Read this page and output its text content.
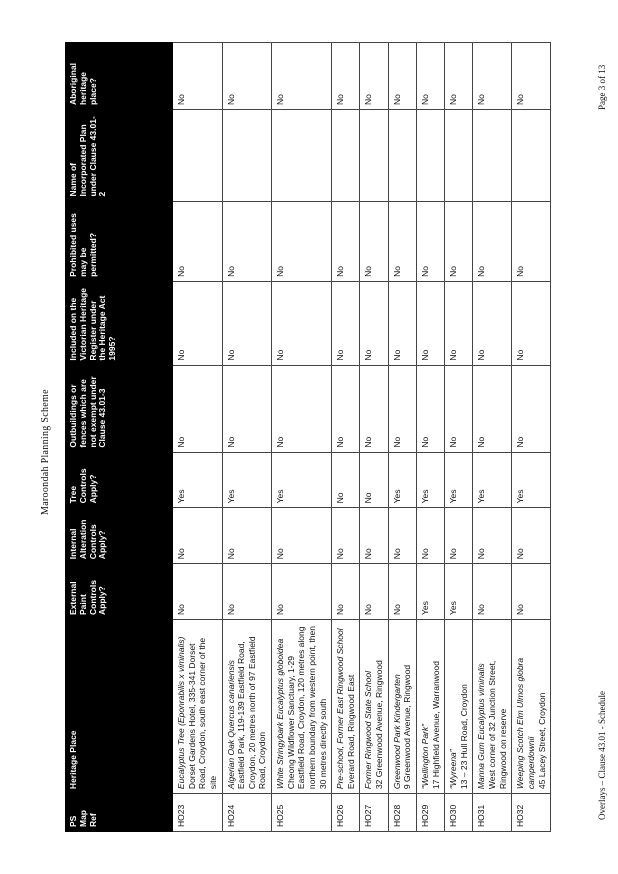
Maroondah Planning Scheme
PS Map Ref	Heritage Place	External Paint Controls Apply?	Internal Alteration Controls Apply?	Tree Controls Apply?	Outbuildings or fences which are not exempt under Clause 43.01-3	Included on the Victorian Heritage Register under the Heritage Act 1995?	Prohibited uses may be permitted?	Name of Incorporated Plan under Clause 43.01-2	Aboriginal heritage place?
HO23	Eucalyptus Tree (Eponrabilis x viminalis) Dorset Gardens Hotel, 335-341 Dorset Road, Croydon, south east corner of the site	No	No	Yes	No	No	No		No
HO24	Algerian Oak Quercus canariensis Eastfield Park, 119-139 Eastfield Road, Croydon, 20 metres north of 97 Eastfield Road, Croydon	No	No	Yes	No	No	No		No
HO25	White Stringybark Eucalyptus globoidea Cheong Wildflower Sanctuary, 1-29 Eastfield Road, Croydon, 120 metres along northern boundary from western point, then 30 metres directly south	No	No	Yes	No	No	No		No
HO26	Pre-school, Former East Ringwood School Everard Road, Ringwood East	No	No	No	No	No	No		No
HO27	Former Ringwood State School 32 Greenwood Avenue, Ringwood	No	No	No	No	No	No		No
HO28	Greenwood Park Kindergarten 9 Greenwood Avenue, Ringwood	No	No	Yes	No	No	No		No
HO29	“Wellington Park” 17 Highfield Avenue, Warranwood	Yes	No	Yes	No	No	No		No
HO30	“Wyreena” 13 – 23 Hull Road, Croydon	Yes	No	Yes	No	No	No		No
HO31	Manna Gum Eucalyptus viminalis West corner of 32 Junction Street, Ringwood on reserve	No	No	Yes	No	No	No		No
HO32	Weeping Scotch Elm Ulmos globra camperdownii 45 Lacey Street, Croydon	No	No	Yes	No	No	No		No
Overlays – Clause 43.01 - Schedule
Page 3 of 13
